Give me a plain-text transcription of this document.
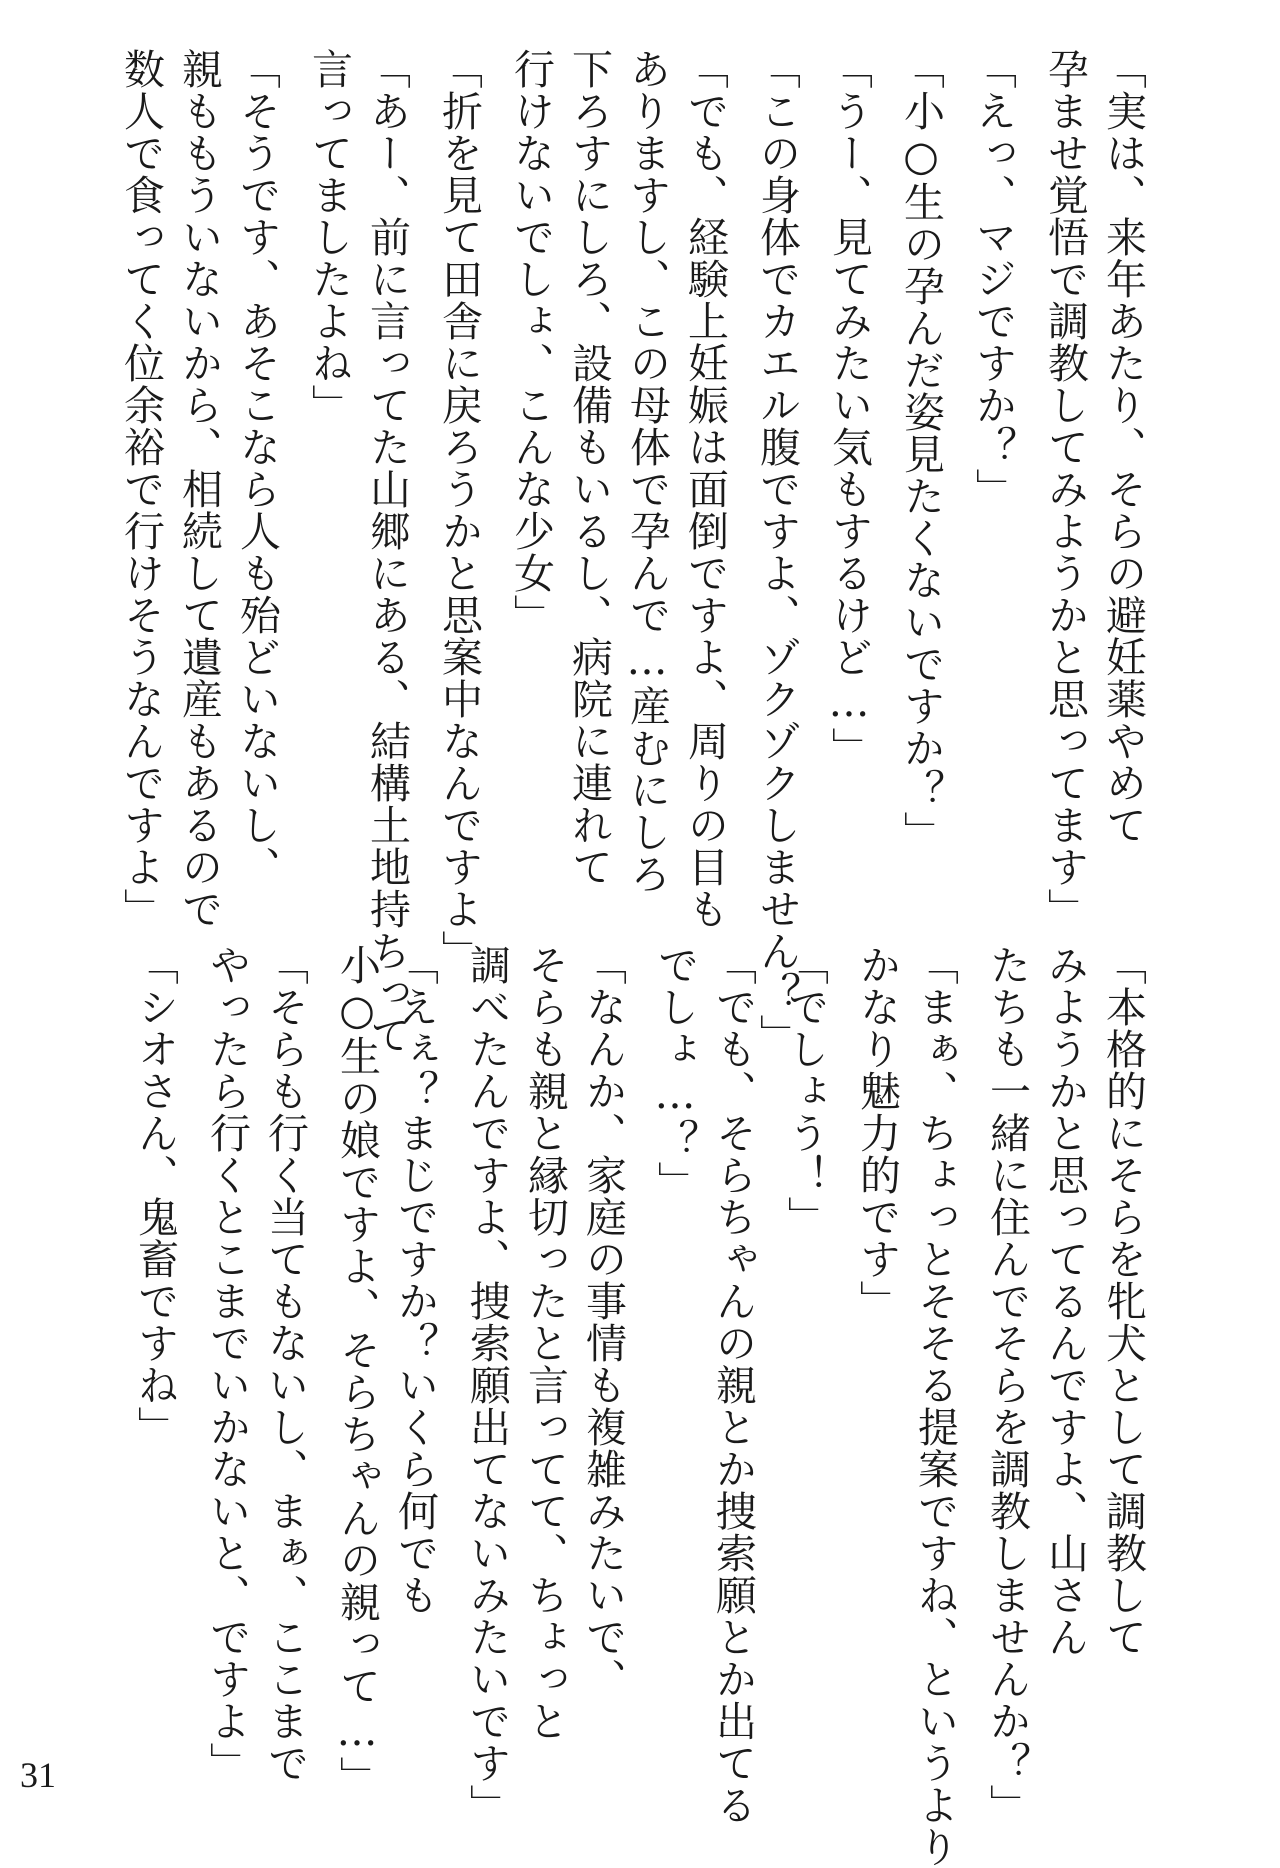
「実は、来年あたり、そらの避妊薬やめて
孕ませ覚悟で調教してみようかと思ってます」

「えっ、マジですか？」

「小○生の孕んだ姿見たくないですか？」

「うー、見てみたい気もするけど…」

「この身体でカエル腹ですよ、ゾクゾクしません？」

「でも、経験上妊娠は面倒ですよ、周りの目も
ありますし、この母体で孕んで…産むにしろ
下ろすにしろ、設備もいるし、病院に連れて
行けないでしょ、こんな少女」

「折を見て田舎に戻ろうかと思案中なんですよ」

「あー、前に言ってた山郷にある、結構土地持ちって
言ってましたよね」

「そうです、あそこなら人も殆どいないし、
親ももういないから、相続して遺産もあるので
数人で食ってく位余裕で行けそうなんですよ」

「本格的にそらを牝犬として調教して
みようかと思ってるんですよ、山さん
たちも一緒に住んでそらを調教しませんか？」

「まぁ、ちょっとそそる提案ですね、というより
かなり魅力的です」

「でしょう！」

「でも、そらちゃんの親とか捜索願とか出てる
でしょ…？」

「なんか、家庭の事情も複雑みたいで、
そらも親と縁切ったと言ってて、ちょっと
調べたんですよ、捜索願出てないみたいです」

「えぇ？まじですか？いくら何でも
小○生の娘ですよ、そらちゃんの親って…」

「そらも行く当てもないし、まぁ、ここまで
やったら行くとこまでいかないと、ですよ」

「シオさん、鬼畜ですね」

31
